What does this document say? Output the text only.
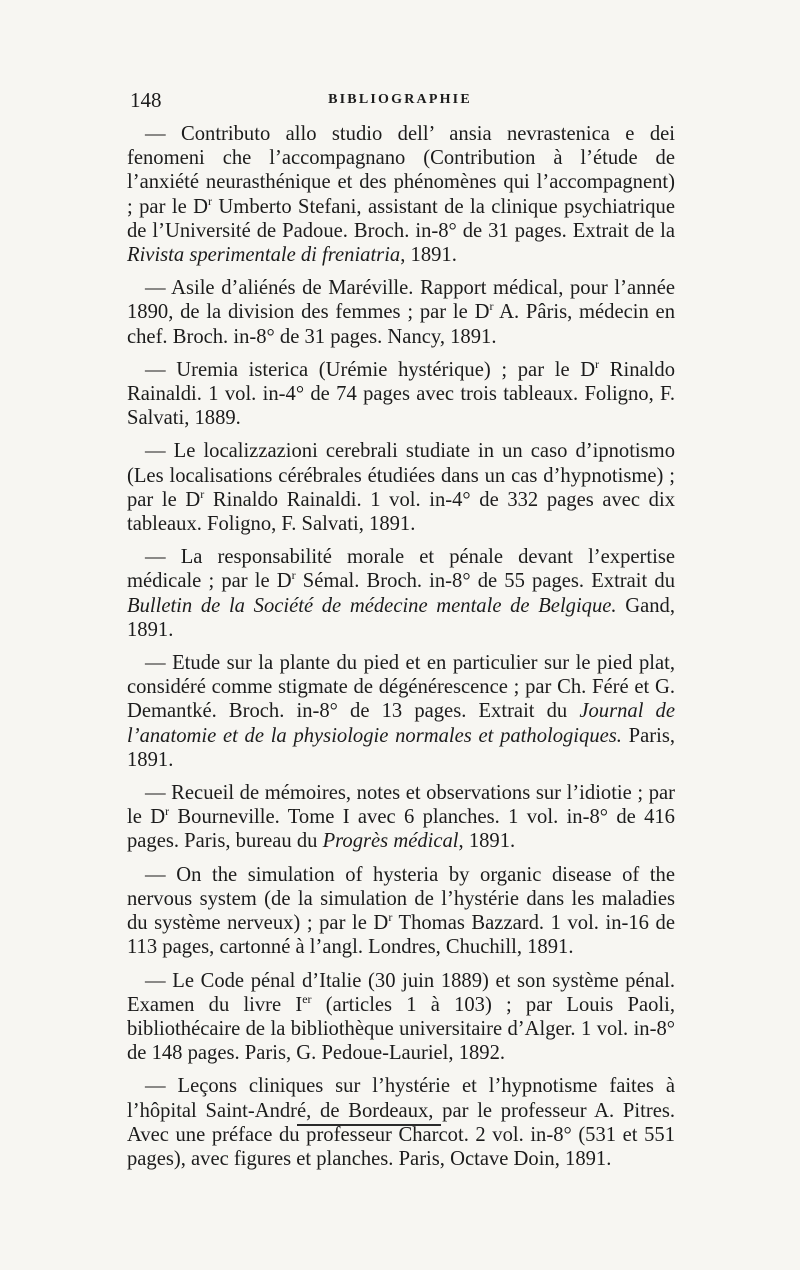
148	BIBLIOGRAPHIE

— Contributo allo studio dell’ ansia nevrastenica e dei fenomeni che l’accompagnano (Contribution à l’étude de l’anxiété neurasthénique et des phénomènes qui l’accompagnent) ; par le $D^r$ Umberto Stefani, assistant de la clinique psychiatrique de l’Université de Padoue. Broch. in-8° de 31 pages. Extrait de la Rivista sperimentale di freniatria, 1891.

— Asile d’aliénés de Maréville. Rapport médical, pour l’année 1890, de la division des femmes ; par le $D^r$ A. Pâris, médecin en chef. Broch. in-8° de 31 pages. Nancy, 1891.

— Uremia isterica (Urémie hystérique) ; par le $D^r$ Rinaldo Rainaldi. 1 vol. in-4° de 74 pages avec trois tableaux. Foligno, F. Salvati, 1889.

— Le localizzazioni cerebrali studiate in un caso d’ipnotismo (Les localisations cérébrales étudiées dans un cas d’hypnotisme) ; par le $D^r$ Rinaldo Rainaldi. 1 vol. in-4° de 332 pages avec dix tableaux. Foligno, F. Salvati, 1891.

— La responsabilité morale et pénale devant l’expertise médicale ; par le $D^r$ Sémal. Broch. in-8° de 55 pages. Extrait du Bulletin de la Société de médecine mentale de Belgique. Gand, 1891.

— Etude sur la plante du pied et en particulier sur le pied plat, considéré comme stigmate de dégénérescence ; par Ch. Féré et G. Demantké. Broch. in-8° de 13 pages. Extrait du Journal de l’anatomie et de la physiologie normales et pathologiques. Paris, 1891.

— Recueil de mémoires, notes et observations sur l’idiotie ; par le $D^r$ Bourneville. Tome I avec 6 planches. 1 vol. in-8° de 416 pages. Paris, bureau du Progrès médical, 1891.

— On the simulation of hysteria by organic disease of the nervous system (de la simulation de l’hystérie dans les maladies du système nerveux) ; par le $D^r$ Thomas Bazzard. 1 vol. in-16 de 113 pages, cartonné à l’angl. Londres, Chuchill, 1891.

— Le Code pénal d’Italie (30 juin 1889) et son système pénal. Examen du livre Ier (articles 1 à 103) ; par Louis Paoli, bibliothécaire de la bibliothèque universitaire d’Alger. 1 vol. in-8° de 148 pages. Paris, G. Pedoue-Lauriel, 1892.

— Leçons cliniques sur l’hystérie et l’hypnotisme faites à l’hôpital Saint-André, de Bordeaux, par le professeur A. Pitres. Avec une préface du professeur Charcot. 2 vol. in-8° (531 et 551 pages), avec figures et planches. Paris, Octave Doin, 1891.
